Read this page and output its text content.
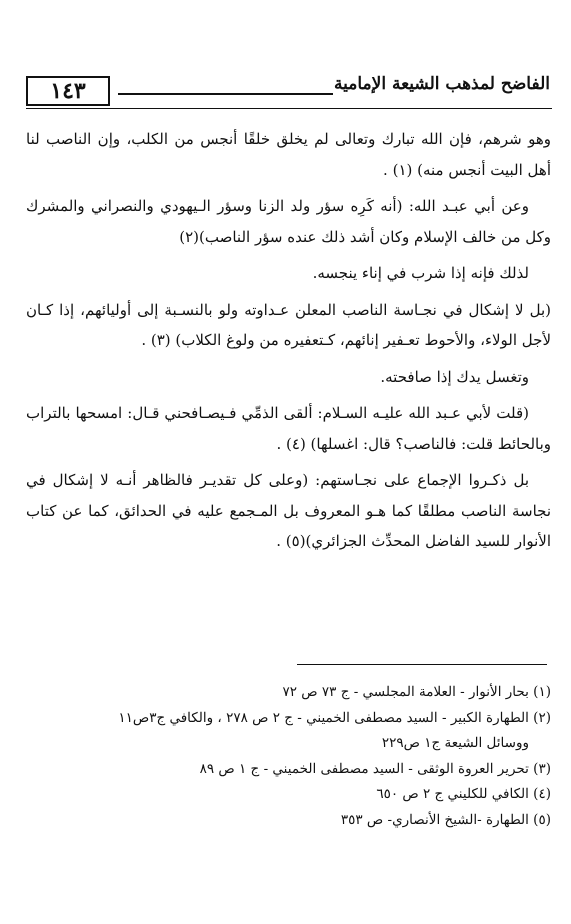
١٤٣	الفاضح لمذهب الشيعة الإمامية

وهو شرهم، فإن الله تبارك وتعالى لم يخلق خلقًا أنجس من الكلب، وإن الناصب لنا أهل البيت أنجس منه) (١) .

وعن أبي عبـد الله: (أنه كَرِه سؤر ولد الزنا وسؤر الـيهودي والنصراني والمشرك وكل من خالف الإسلام وكان أشد ذلك عنده سؤر الناصب)(٢)

لذلك فإنه إذا شرب في إناء ينجسه.

(بل لا إشكال في نجـاسة الناصب المعلن عـداوته ولو بالنسـبة إلى أوليائهم، إذا كـان لأجل الولاء، والأحوط تعـفير إنائهم، كـتعفيره من ولوغ الكلاب) (٣) .

وتغسل يدك إذا صافحته.

(قلت لأبي عـبد الله عليـه السـلام: ألقى الذمِّي فـيصـافحني قـال: امسحها بالتراب وبالحائط قلت: فالناصب؟ قال: اغسلها) (٤) .

بل ذكـروا الإجماع على نجـاستهم: (وعلى كل تقديـر فالظاهر أنـه لا إشكال في نجاسة الناصب مطلقًا كما هـو المعروف بل المـجمع عليه في الحدائق، كما عن كتاب الأنوار للسيد الفاضل المحدِّث الجزائري)(٥) .

(١) بحار الأنوار - العلامة المجلسي - ج ٧٣ ص ٧٢

(٢) الطهارة الكبير - السيد مصطفى الخميني - ج ٢ ص ٢٧٨ ، والكافي ج٣ص١١

ووسائل الشيعة ج١ ص٢٢٩

(٣) تحرير العروة الوثقى - السيد مصطفى الخميني - ج ١ ص ٨٩

(٤) الكافي للكليني ج ٢ ص ٦٥٠

(٥) الطهارة -الشيخ الأنصاري- ص ٣٥٣
